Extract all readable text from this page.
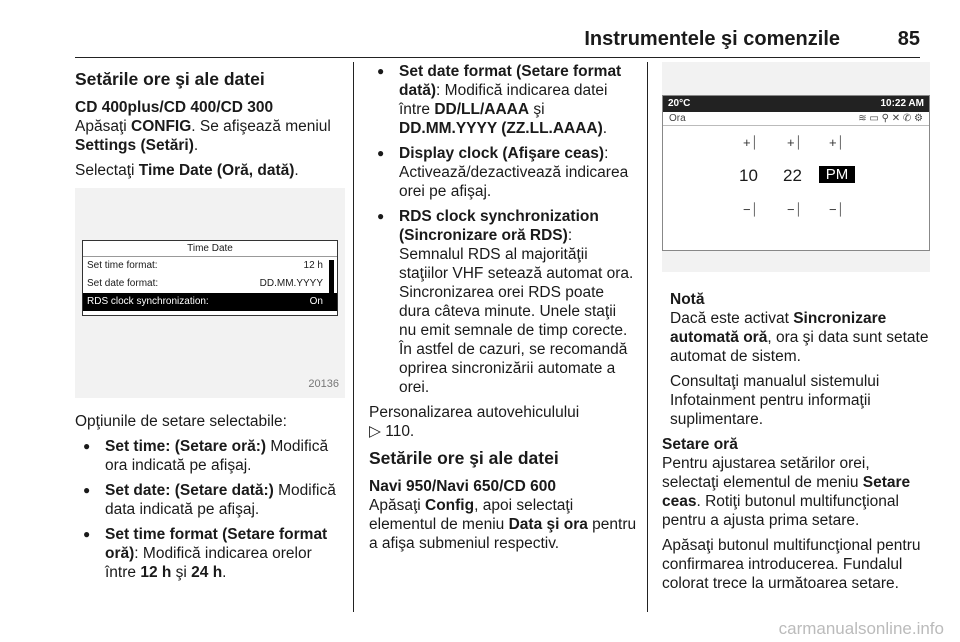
Instrumentele şi comenzile	85
Setările ore şi ale datei
CD 400plus/CD 400/CD 300

Apăsaţi CONFIG. Se afişează meniul Settings (Setări).

Selectaţi Time Date (Oră, dată).

Time Date
Set time format:	12 h
Set date format:	DD.MM.YYYY
RDS clock synchronization:	On
20136

Opţiunile de setare selectabile:

● Set time: (Setare oră:) Modifică ora indicată pe afişaj.
● Set date: (Setare dată:) Modifică data indicată pe afişaj.
● Set time format (Setare format oră): Modifică indicarea orelor între 12 h şi 24 h.
● Set date format (Setare format dată): Modifică indicarea datei între DD/LL/AAAA şi DD.MM.YYYY (ZZ.LL.AAAA).
● Display clock (Afişare ceas): Activează/dezactivează indicarea orei pe afişaj.
● RDS clock synchronization (Sincronizare oră RDS): Semnalul RDS al majorităţii staţiilor VHF setează automat ora. Sincronizarea orei RDS poate dura câteva minute. Unele staţii nu emit semnale de timp corecte. În astfel de cazuri, se recomandă oprirea sincronizării automate a orei.

Personalizarea autovehiculului
▷ 110.

Setările ore şi ale datei
Navi 950/Navi 650/CD 600

Apăsaţi Config, apoi selectaţi elementul de meniu Data şi ora pentru a afişa submeniul respectiv.

20°C	10:22 AM
Ora	≋ ▭ ⚲ ✕ ✆ ⚙
+⏐ +⏐ +⏐
10 22	PM
−⏐ −⏐ −⏐

Notă

Dacă este activat Sincronizare automată oră, ora şi data sunt setate automat de sistem.

Consultaţi manualul sistemului Infotainment pentru informaţii suplimentare.

Setare oră

Pentru ajustarea setărilor orei, selectaţi elementul de meniu Setare ceas. Rotiţi butonul multifuncţional pentru a ajusta prima setare.

Apăsaţi butonul multifuncţional pentru confirmarea introducerea. Fundalul colorat trece la următoarea setare.

carmanualsonline.info
